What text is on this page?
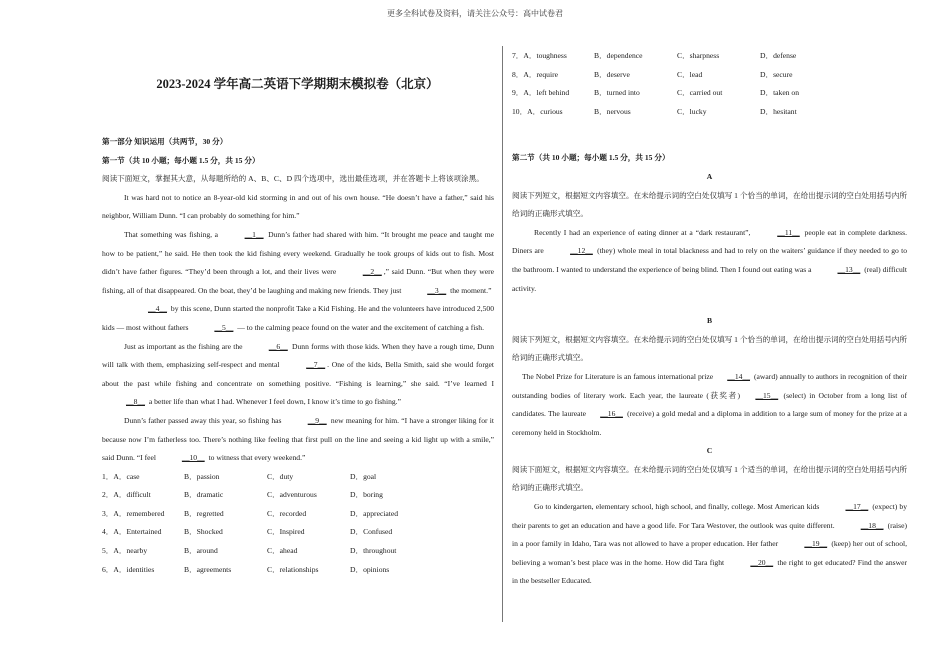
更多全科试卷及资料，请关注公众号：高中试卷君
2023-2024 学年高二英语下学期期末模拟卷（北京）
第一部分 知识运用（共两节，30 分）
第一节（共 10 小题；每小题 1.5 分，共 15 分）

阅读下面短文，掌握其大意，从每题所给的 A、B、C、D 四个选项中，选出最佳选项，并在答题卡上将该项涂黑。

It was hard not to notice an 8-year-old kid storming in and out of his own house. “He doesn’t have a father,” said his neighbor, William Dunn. “I can probably do something for him.”

That something was fishing, a	__1__ Dunn’s father had shared with him. “It brought me peace and taught me how to be patient,” he said. He then took the kid fishing every weekend. Gradually he took groups of kids out to fish. Most didn’t have father figures. “They’d been through a lot, and their lives were	__2__ ,” said Dunn. “But when they were fishing, all of that disappeared. On the boat, they’d be laughing and making new friends. They just	__3__ the moment.”

__4__ by this scene, Dunn started the nonprofit Take a Kid Fishing. He and the volunteers have introduced 2,500 kids — most without fathers	__5__ — to the calming peace found on the water and the excitement of catching a fish.

Just as important as the fishing are the	__6__ Dunn forms with those kids. When they have a rough time, Dunn will talk with them, emphasizing self-respect and mental	__7__ . One of the kids, Bella Smith, said she would forget about the past while fishing and concentrate on something positive. “Fishing is learning,” she said. “I’ve learned I __8__ a better life than what I had. Whenever I feel down, I know it’s time to go fishing.”

Dunn’s father passed away this year, so fishing has	__9__ new meaning for him. “I have a stronger liking for it because now I’m fatherless too. There’s nothing like feeling that first pull on the line and seeing a kid light up with a smile,” said Dunn. “I feel	__10__ to witness that every weekend.”

1．A．case	B．passion	C．duty	D．goal
2．A．difficult	B．dramatic	C．adventurous	D．boring
3．A．remembered	B．regretted	C．recorded	D．appreciated
4．A．Entertained	B．Shocked	C．Inspired	D．Confused
5．A．nearby	B．around	C．ahead	D．throughout
6．A．identities	B．agreements	C．relationships	D．opinions
7．A．toughness	B．dependence	C．sharpness	D．defense
8．A．require	B．deserve	C．lead	D．secure
9．A．left behind	B．turned into	C．carried out	D．taken on
10．A．curious	B．nervous	C．lucky	D．hesitant
第二节（共 10 小题；每小题 1.5 分，共 15 分）
A

阅读下列短文，根据短文内容填空。在未给提示词的空白处仅填写 1 个恰当的单词，在给出提示词的空白处用括号内所给词的正确形式填空。

Recently I had an experience of eating dinner at a “dark restaurant”,	__11__ people eat in complete darkness. Diners are	__12__ (they) whole meal in total blackness and had to rely on the waiters’ guidance if they needed to go to the bathroom. I wanted to understand the experience of being blind. Then I found out eating was a	__13__ (real) difficult activity.

B

阅读下列短文，根据短文内容填空。在未给提示词的空白处仅填写 1 个恰当的单词，在给出提示词的空白处用括号内所给词的正确形式填空。

The Nobel Prize for Literature is an famous international prize __14__ (award) annually to authors in recognition of their outstanding bodies of literary work. Each year, the laureate (获奖者) __15__ (select) in October from a long list of candidates. The laureate __16__ (receive) a gold medal and a diploma in addition to a large sum of money for the prize at a ceremony held in Stockholm.

C

阅读下面短文，根据短文内容填空。在未给提示词的空白处仅填写 1 个适当的单词，在给出提示词的空白处用括号内所给词的正确形式填空。

Go to kindergarten, elementary school, high school, and finally, college. Most American kids	__17__ (expect) by their parents to get an education and have a good life. For Tara Westover, the outlook was quite different.	__18__ (raise) in a poor family in Idaho, Tara was not allowed to have a proper education. Her father	__19__ (keep) her out of school, believing a woman’s best place was in the home. How did Tara fight	__20__ the right to get educated? Find the answer in the bestseller Educated.
